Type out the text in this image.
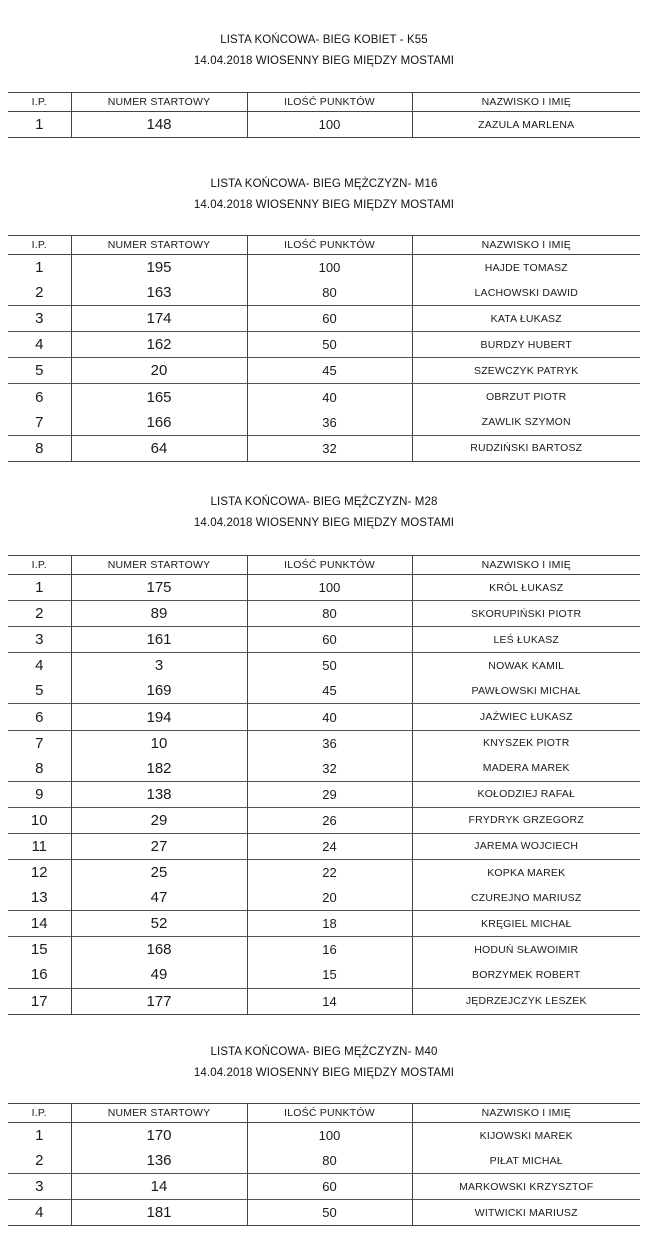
LISTA KOŃCOWA- BIEG KOBIET - K55
14.04.2018 WIOSENNY BIEG MIĘDZY MOSTAMI
I.P.	NUMER STARTOWY	ILOŚĆ PUNKTÓW	NAZWISKO I IMIĘ
1	148	100	ZAZULA MARLENA
LISTA KOŃCOWA- BIEG MĘŻCZYZN- M16
14.04.2018 WIOSENNY BIEG MIĘDZY MOSTAMI
I.P.	NUMER STARTOWY	ILOŚĆ PUNKTÓW	NAZWISKO I IMIĘ
1	195	100	HAJDE TOMASZ
2	163	80	LACHOWSKI DAWID
3	174	60	KATA ŁUKASZ
4	162	50	BURDZY HUBERT
5	20	45	SZEWCZYK PATRYK
6	165	40	OBRZUT PIOTR
7	166	36	ZAWLIK SZYMON
8	64	32	RUDZIŃSKI BARTOSZ
LISTA KOŃCOWA- BIEG MĘŻCZYZN- M28
14.04.2018 WIOSENNY BIEG MIĘDZY MOSTAMI
I.P.	NUMER STARTOWY	ILOŚĆ PUNKTÓW	NAZWISKO I IMIĘ
1	175	100	KRÓL ŁUKASZ
2	89	80	SKORUPIŃSKI PIOTR
3	161	60	LEŚ ŁUKASZ
4	3	50	NOWAK KAMIL
5	169	45	PAWŁOWSKI MICHAŁ
6	194	40	JAŹWIEC ŁUKASZ
7	10	36	KNYSZEK PIOTR
8	182	32	MADERA MAREK
9	138	29	KOŁODZIEJ RAFAŁ
10	29	26	FRYDRYK GRZEGORZ
11	27	24	JAREMA WOJCIECH
12	25	22	KOPKA MAREK
13	47	20	CZUREJNO MARIUSZ
14	52	18	KRĘGIEL MICHAŁ
15	168	16	HODUŃ SŁAWOIMIR
16	49	15	BORZYMEK ROBERT
17	177	14	JĘDRZEJCZYK LESZEK
LISTA KOŃCOWA- BIEG MĘŻCZYZN- M40
14.04.2018 WIOSENNY BIEG MIĘDZY MOSTAMI
I.P.	NUMER STARTOWY	ILOŚĆ PUNKTÓW	NAZWISKO I IMIĘ
1	170	100	KIJOWSKI MAREK
2	136	80	PIŁAT MICHAŁ
3	14	60	MARKOWSKI KRZYSZTOF
4	181	50	WITWICKI MARIUSZ
